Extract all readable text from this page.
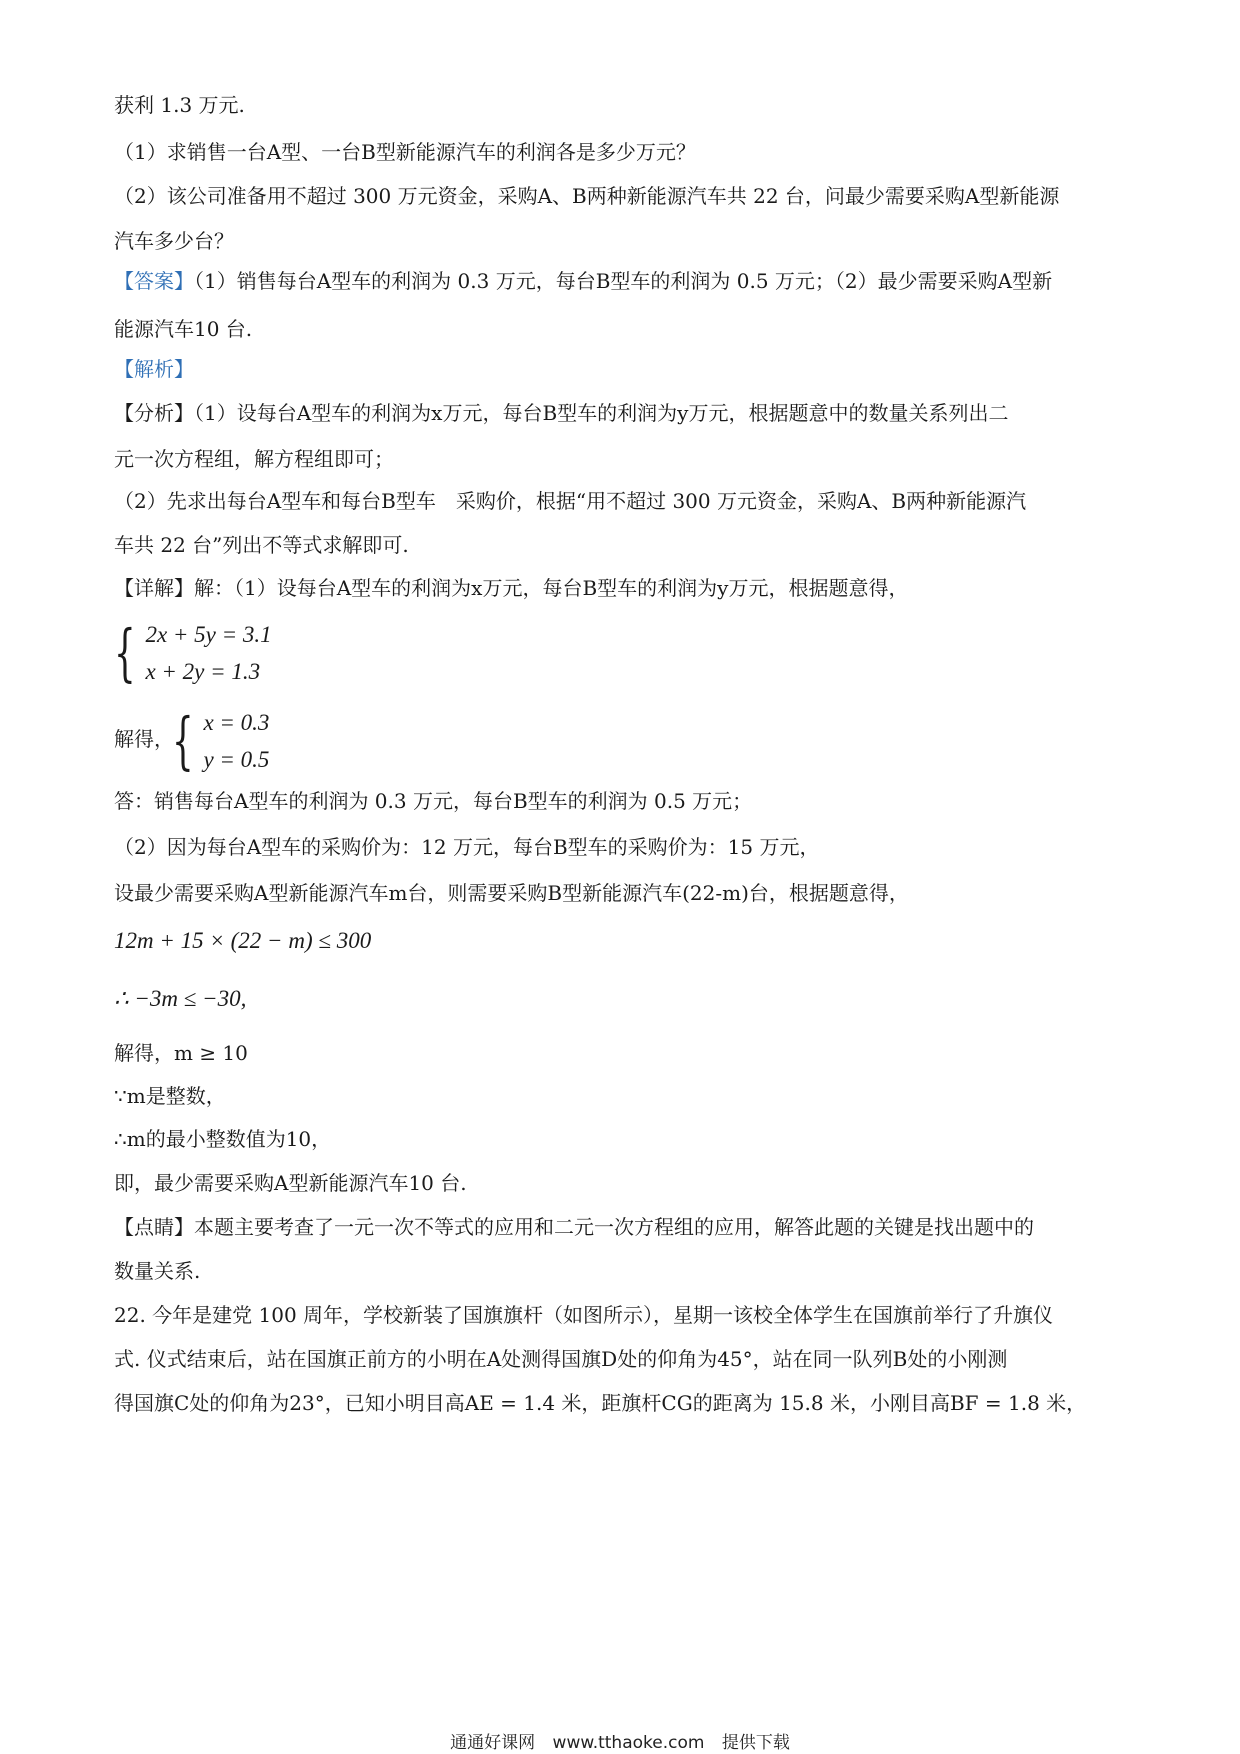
获利 1.3 万元.
（1）求销售一台A型、一台B型新能源汽车的利润各是多少万元？
（2）该公司准备用不超过 300 万元资金，采购A、B两种新能源汽车共 22 台，问最少需要采购A型新能源
汽车多少台？
【答案】（1）销售每台A型车的利润为 0.3 万元，每台B型车的利润为 0.5 万元；（2）最少需要采购A型新
能源汽车10 台.
【解析】
【分析】（1）设每台A型车的利润为x万元，每台B型车的利润为y万元，根据题意中的数量关系列出二
元一次方程组，解方程组即可；
（2）先求出每台A型车和每台B型车　采购价，根据“用不超过 300 万元资金，采购A、B两种新能源汽
车共 22 台”列出不等式求解即可.
【详解】解：（1）设每台A型车的利润为x万元，每台B型车的利润为y万元，根据题意得，
{ 2x + 5y = 3.1
x + 2y = 1.3
解得，
{ x = 0.3
y = 0.5
答：销售每台A型车的利润为 0.3 万元，每台B型车的利润为 0.5 万元；
（2）因为每台A型车的采购价为：12 万元，每台B型车的采购价为：15 万元，
设最少需要采购A型新能源汽车m台，则需要采购B型新能源汽车(22-m)台，根据题意得，
12m + 15 × (22 − m) ≤ 300
∴ −3m ≤ −30,
解得，m ≥ 10
∵m是整数，
∴m的最小整数值为10，
即，最少需要采购A型新能源汽车10 台.
【点睛】本题主要考查了一元一次不等式的应用和二元一次方程组的应用，解答此题的关键是找出题中的
数量关系.
22. 今年是建党 100 周年，学校新装了国旗旗杆（如图所示），星期一该校全体学生在国旗前举行了升旗仪
式. 仪式结束后，站在国旗正前方的小明在A处测得国旗D处的仰角为45°，站在同一队列B处的小刚测
得国旗C处的仰角为23°，已知小明目高AE = 1.4 米，距旗杆CG的距离为 15.8 米，小刚目高BF = 1.8 米，
通通好课网 www.tthaoke.com 提供下载
